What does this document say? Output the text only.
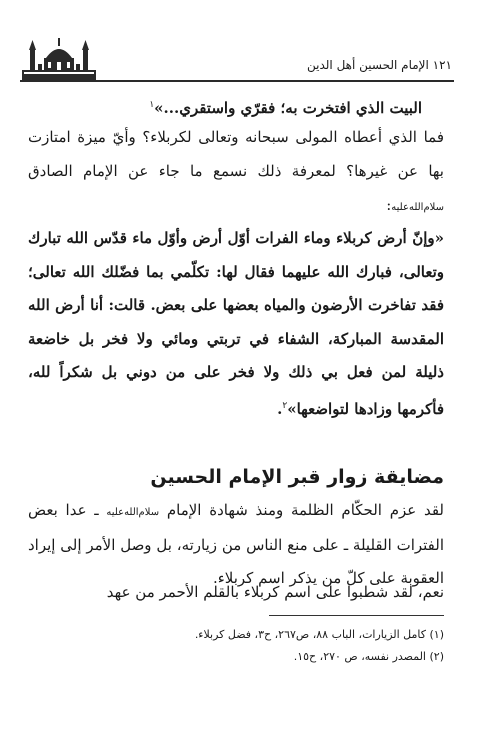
١٢١ الإمام الحسين أهل الدين
البيت الذي افتخرت به؛ فقرّي واستقري...»$^١$
فما الذي أعطاه المولى سبحانه وتعالى لكربلاء؟ وأيّ ميزة امتازت بها عن غيرها؟ لمعرفة ذلك نسمع ما جاء عن الإمام الصادق سلام‌الله‌عليه:
«وإنّ أرض كربلاء وماء الفرات أوّل أرض وأوّل ماء قدّس الله تبارك وتعالى، فبارك الله عليهما فقال لها: تكلّمي بما فضّلك الله تعالى؛ فقد تفاخرت الأرضون والمياه بعضها على بعض. قالت: أنا أرض الله المقدسة المباركة، الشفاء في تربتي ومائي ولا فخر بل خاضعة ذليلة لمن فعل بي ذلك ولا فخر على من دوني بل شكراً لله، فأكرمها وزادها لتواضعها»$^٢$.
مضايقة زوار قبر الإمام الحسين
لقد عزم الحكّام الظلمة ومنذ شهادة الإمام سلام‌الله‌عليه ـ عدا بعض الفترات القليلة ـ على منع الناس من زيارته، بل وصل الأمر إلى إيراد العقوبة على كلّ من يذكر اسم كربلاء.
نعم، لقد شطبوا على اسم كربلاء بالقلم الأحمر من عهد
(١) كامل الزيارات، الباب ٨٨، ص٢٦٧، ح٣، فضل كربلاء.
(٢) المصدر نفسه، ص ٢٧٠، ح١٥.
